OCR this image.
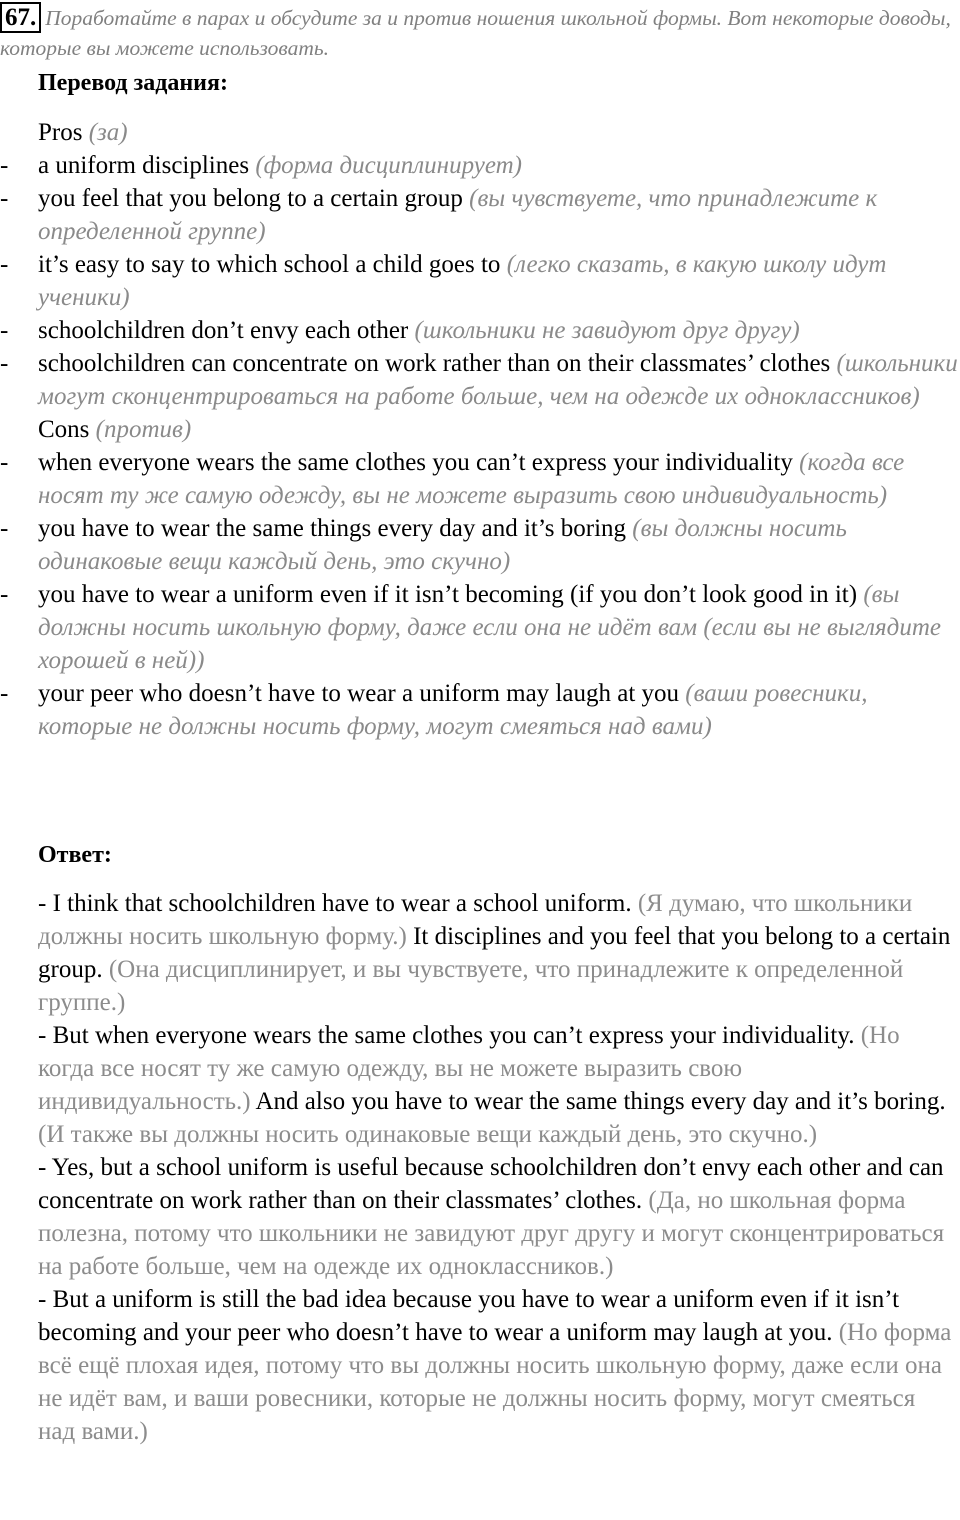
67. Поработайте в парах и обсудите за и против ношения школьной формы. Вот некоторые доводы, которые вы можете использовать.
Перевод задания:
Pros (за)
- a uniform disciplines (форма дисциплинирует)
- you feel that you belong to a certain group (вы чувствуете, что принадлежите к определенной группе)
- it’s easy to say to which school a child goes to (легко сказать, в какую школу идут ученики)
- schoolchildren don’t envy each other (школьники не завидуют друг другу)
- schoolchildren can concentrate on work rather than on their classmates’ clothes (школьники могут сконцентрироваться на работе больше, чем на одежде их одноклассников)
Cons (против)
- when everyone wears the same clothes you can’t express your individuality (когда все носят ту же самую одежду, вы не можете выразить свою индивидуальность)
- you have to wear the same things every day and it’s boring (вы должны носить одинаковые вещи каждый день, это скучно)
- you have to wear a uniform even if it isn’t becoming (if you don’t look good in it) (вы должны носить школьную форму, даже если она не идёт вам (если вы не выглядите хорошей в ней))
- your peer who doesn’t have to wear a uniform may laugh at you (ваши ровесники, которые не должны носить форму, могут смеяться над вами)
Ответ:
- I think that schoolchildren have to wear a school uniform. (Я думаю, что школьники должны носить школьную форму.) It disciplines and you feel that you belong to a certain group. (Она дисциплинирует, и вы чувствуете, что принадлежите к определенной группе.)
- But when everyone wears the same clothes you can’t express your individuality. (Но когда все носят ту же самую одежду, вы не можете выразить свою индивидуальность.) And also you have to wear the same things every day and it’s boring. (И также вы должны носить одинаковые вещи каждый день, это скучно.)
- Yes, but a school uniform is useful because schoolchildren don’t envy each other and can concentrate on work rather than on their classmates’ clothes. (Да, но школьная форма полезна, потому что школьники не завидуют друг другу и могут сконцентрироваться на работе больше, чем на одежде их одноклассников.)
- But a uniform is still the bad idea because you have to wear a uniform even if it isn’t becoming and your peer who doesn’t have to wear a uniform may laugh at you. (Но форма всё ещё плохая идея, потому что вы должны носить школьную форму, даже если она не идёт вам, и ваши ровесники, которые не должны носить форму, могут смеяться над вами.)
